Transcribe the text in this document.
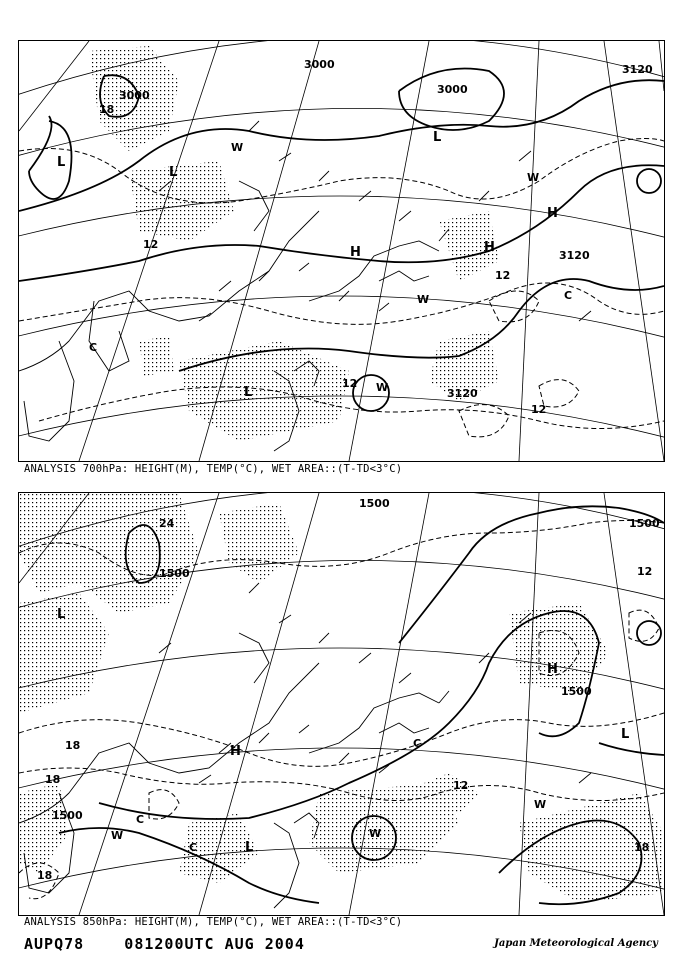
3000
3000	3000
3120
3120
3120
12
12
12
12
18
L
L
L
L
H
H
H
W
W
W
W
C
C
ANALYSIS 700hPa: HEIGHT(M), TEMP(°C), WET AREA::(T-TD<3°C)
1500
1500
1500
1500
1500
24
18
18
18
18
12
12
L
L
L
H
H
W
W
W
C
C
C
ANALYSIS 850hPa: HEIGHT(M), TEMP(°C), WET AREA::(T-TD<3°C)
AUPQ78    081200UTC AUG 2004	Japan Meteorological Agency
